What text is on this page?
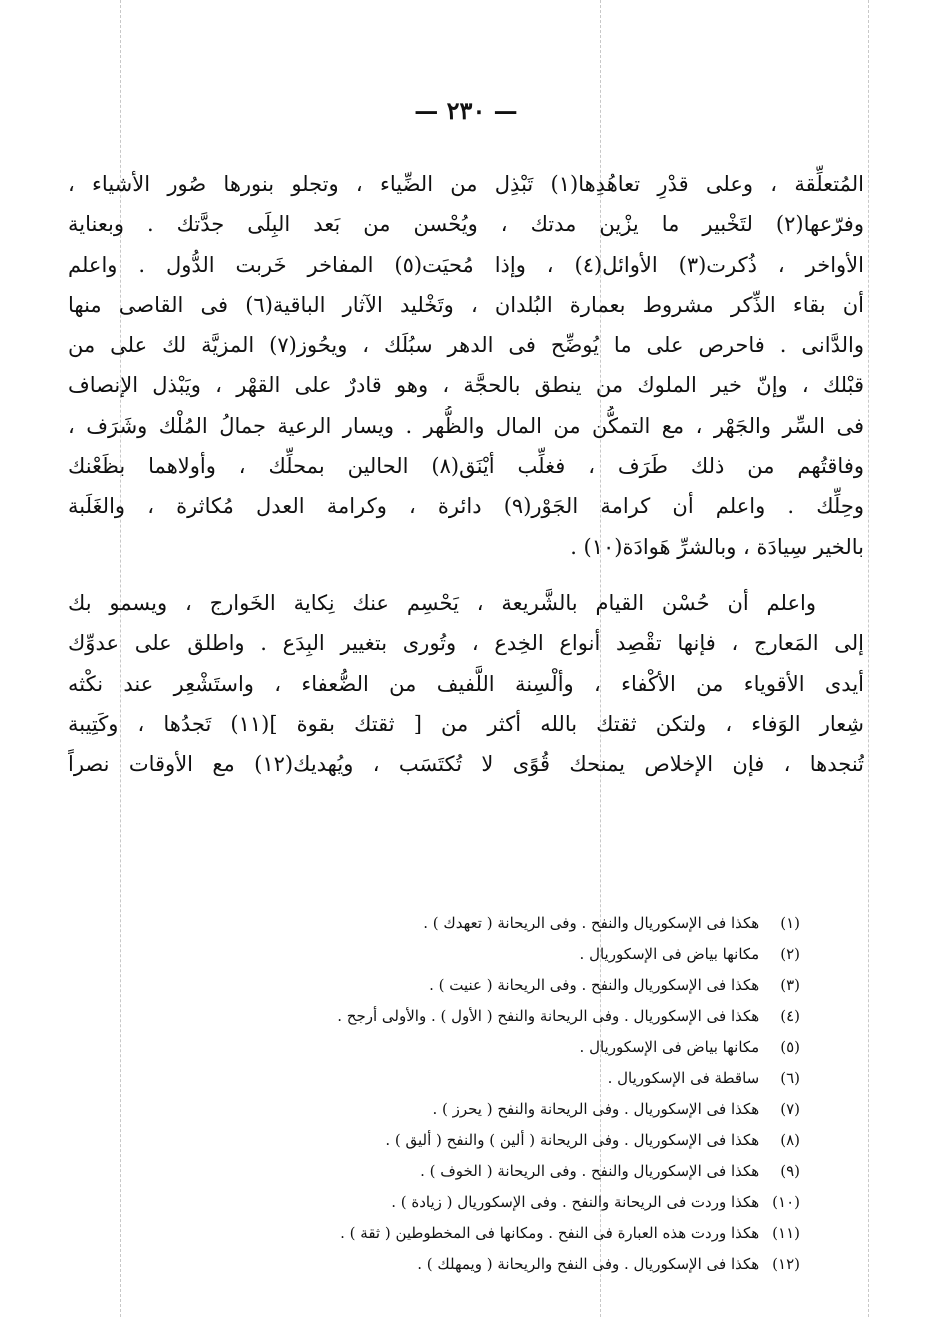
— ٢٣٠ —
المُتعلِّقة ، وعلى قدْرِ تعاهُدِها(١) تَبْذِل من الضِّياء ، وتجلو بنورها صُور الأشياء ،
وفرّعها(٢) لتَخْبير ما يزْين مدتك ، ويُحْسن من بَعد البِلَى جدَّتك . وبعناية
الأواخر ، ذُكرت(٣) الأوائل(٤) ، وإذا مُحيَت(٥) المفاخر خَربت الدُّول . واعلم
أن بقاء الذِّكر مشروط بعمارة البُلدان ، وتَخْليد الآثار الباقية(٦) فى القاصى منها
والدَّانى . فاحرص على ما يُوضِّح فى الدهر سبُلَك ، ويحُوز(٧) المزيَّة لك على من
قبْلك ، وإنّ خير الملوك من ينطق بالحجَّة ، وهو قادرٌ على القهْر ، ويَبْذل الإنصاف
فى السِّر والجَهْر ، مع التمكُّن من المال والظُّهر . ويسار الرعية جمالُ المُلْك وشَرَف ،
وفاقتُهم من ذلك طَرَف ، فغلِّب أيْنَق(٨) الحالين بمحلِّك ، وأولاهما بظَعْنك
وحِلِّك . واعلم أن كرامة الجَوْر(٩) دائرة ، وكرامة العدل مُكاثرة ، والغَلَبة
بالخير سِيادَة ، وبالشرِّ هَوادَة(١٠) .
واعلم أن حُسْن القيام بالشَّريعة ، يَحْسِم عنك نِكاية الخَوارج ، ويسمو بك
إلى المَعارج ، فإنها تقْصِد أنواع الخِدع ، وتُورى بتغيير البِدَع . واطلق على عدوِّك
أيدى الأقوياء من الأكْفاء ، وألْسِنة اللَّفيف من الضُّعفاء ، واستَشْعِر عند نكْثه
شِعار الوَفاء ، ولتكن ثقتك بالله أكثر من [ ثقتك بقوة ](١١) تَجدُها ، وكَتِيبة
تُنجدها ، فإن الإخلاص يمنحك قُوًى لا تُكتَسَب ، ويُهديك(١٢) مع الأوقات نصراً
(١) هكذا فى الإسكوريال والنفح . وفى الريحانة ( تعهدك ) .
(٢) مكانها بياض فى الإسكوريال .
(٣) هكذا فى الإسكوريال والنفح . وفى الريحانة ( عنيت ) .
(٤) هكذا فى الإسكوريال . وفى الريحانة والنفح ( الأول ) . والأولى أرجح .
(٥) مكانها بياض فى الإسكوريال .
(٦) ساقطة فى الإسكوريال .
(٧) هكذا فى الإسكوريال . وفى الريحانة والنفح ( يحرز ) .
(٨) هكذا فى الإسكوريال . وفى الريحانة ( ألين ) والنفح ( أليق ) .
(٩) هكذا فى الإسكوريال والنفح . وفى الريحانة ( الخوف ) .
(١٠) هكذا وردت فى الريحانة والنفح . وفى الإسكوريال ( زيادة ) .
(١١) هكذا وردت هذه العبارة فى النفح . ومكانها فى المخطوطين ( ثقة ) .
(١٢) هكذا فى الإسكوريال . وفى النفح والريحانة ( ويمهلك ) .
